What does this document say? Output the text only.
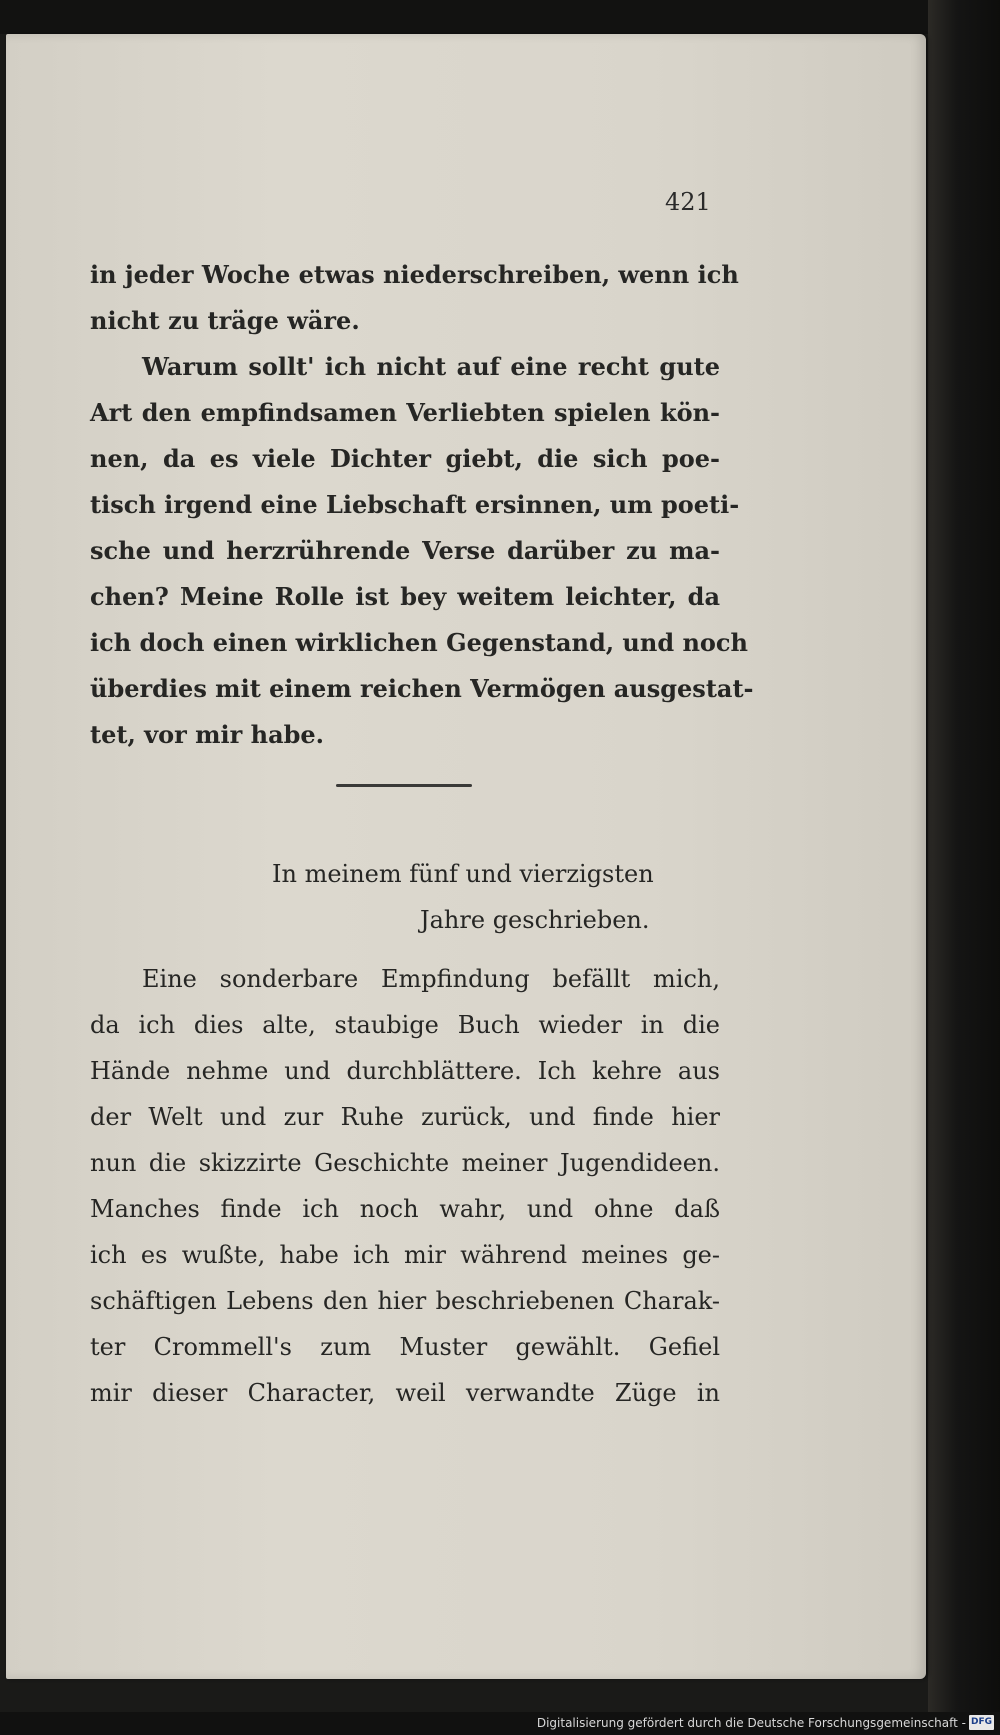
421
in jeder Woche etwas niederschreiben, wenn ich
nicht zu träge wäre.
Warum sollt' ich nicht auf eine recht gute
Art den empfindsamen Verliebten spielen kön-
nen, da es viele Dichter giebt, die sich poe-
tisch irgend eine Liebschaft ersinnen, um poeti-
sche und herzrührende Verse darüber zu ma-
chen? Meine Rolle ist bey weitem leichter, da
ich doch einen wirklichen Gegenstand, und noch
überdies mit einem reichen Vermögen ausgestat-
tet, vor mir habe.
In meinem fünf und vierzigsten
Jahre geschrieben.
Eine sonderbare Empfindung befällt mich,
da ich dies alte, staubige Buch wieder in die
Hände nehme und durchblättere. Ich kehre aus
der Welt und zur Ruhe zurück, und finde hier
nun die skizzirte Geschichte meiner Jugendideen.
Manches finde ich noch wahr, und ohne daß
ich es wußte, habe ich mir während meines ge-
schäftigen Lebens den hier beschriebenen Charak-
ter Crommell's zum Muster gewählt. Gefiel
mir dieser Character, weil verwandte Züge in
Digitalisierung gefördert durch die Deutsche Forschungsgemeinschaft - DFG
